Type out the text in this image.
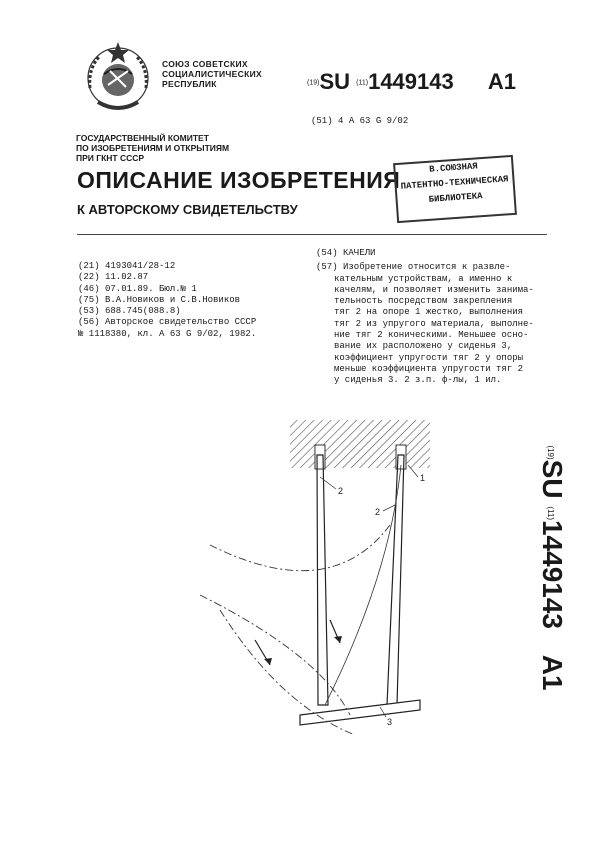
СОЮЗ СОВЕТСКИХ
СОЦИАЛИСТИЧЕСКИХ
РЕСПУБЛИК	(19)SU (11)1449143 A1
(51) 4 A 63 G 9/02
ГОСУДАРСТВЕННЫЙ КОМИТЕТ
ПО ИЗОБРЕТЕНИЯМ И ОТКРЫТИЯМ
ПРИ ГКНТ СССР
ОПИСАНИЕ ИЗОБРЕТЕНИЯ
К АВТОРСКОМУ СВИДЕТЕЛЬСТВУ
В.СОЮЗНАЯ
ПАТЕНТНО-ТЕХНИЧЕСКАЯ
БИБЛИОТЕКА
(21) 4193041/28-12
(22) 11.02.87
(46) 07.01.89. Бюл.№ 1
(75) В.А.Новиков и С.В.Новиков
(53) 688.745(088.8)
(56) Авторское свидетельство СССР
№ 1118380, кл. А 63 G 9/02, 1982.
(54) КАЧЕЛИ
(57) Изобретение относится к развле-
кательным устройствам, а именно к
качелям, и позволяет изменить занима-
тельность посредством закрепления
тяг 2 на опоре 1 жестко, выполнения
тяг 2 из упругого материала, выполне-
ние тяг 2 коническими. Меньшее осно-
вание их расположено у сиденья 3,
коэффициент упругости тяг 2 у опоры
меньше коэффициента упругости тяг 2
у сиденья 3. 2 з.п. ф-лы, 1 ил.
(19)SU (11)1449143 A1
2
2
1
3
